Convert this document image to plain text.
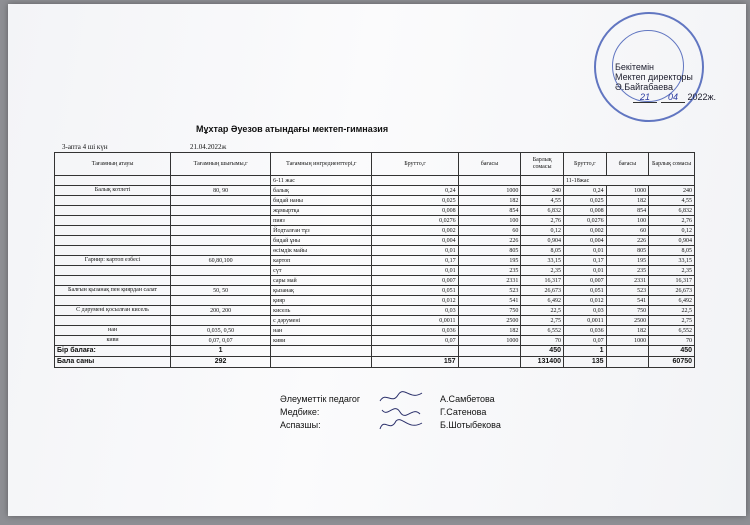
Бекітемін
Мектеп директоры
Ә.Байгабаева
21 04 2022ж.
Мұхтар Әуезов атындағы мектеп-гимназия
3-апта 4 ші күн	21.04.2022ж
Тағамның атауы	Тағамның шығымы,г	Тағамның ингредиенттері,г	Брутто,г	бағасы	Барлық сомасы	Брутто,г	бағасы	Барлық сомасы
		6-11 жас				11-18жас		
Балық котлеті	80, 90	балық	0,24	1000	240	0,24	1000	240
		бидай наны	0,025	182	4,55	0,025	182	4,55
		жұмыртқа	0,008	854	6,832	0,008	854	6,832
		пияз	0,0276	100	2,76	0,0276	100	2,76
		Йодталған тұз	0,002	60	0,12	0,002	60	0,12
		бидай ұны	0,004	226	0,904	0,004	226	0,904
		өсімдік майы	0,01	805	8,05	0,01	805	8,05
Гарнир: картоп езбесі	60,80,100	картоп	0,17	195	33,15	0,17	195	33,15
		сүт	0,01	235	2,35	0,01	235	2,35
		сары май	0,007	2331	16,317	0,007	2331	16,317
Балғын қызанақ пен қиярдан салат	50, 50	қызанақ	0,051	523	26,673	0,051	523	26,673
		қияр	0,012	541	6,492	0,012	541	6,492
С дәрумені қосылған кисель	200, 200	кисель	0,03	750	22,5	0,03	750	22,5
		с дәрумені	0,0011	2500	2,75	0,0011	2500	2,75
нан	0,035, 0,50	нан	0,036	182	6,552	0,036	182	6,552
киви	0,07, 0,07	киви	0,07	1000	70	0,07	1000	70
Бір балаға:	1				450	1		450
Бала саны	292		157		131400	135		60750
Әлеуметтік педагог	А.Самбетова
Медбике:	Г.Сатенова
Аспазшы:	Б.Шотыбекова
